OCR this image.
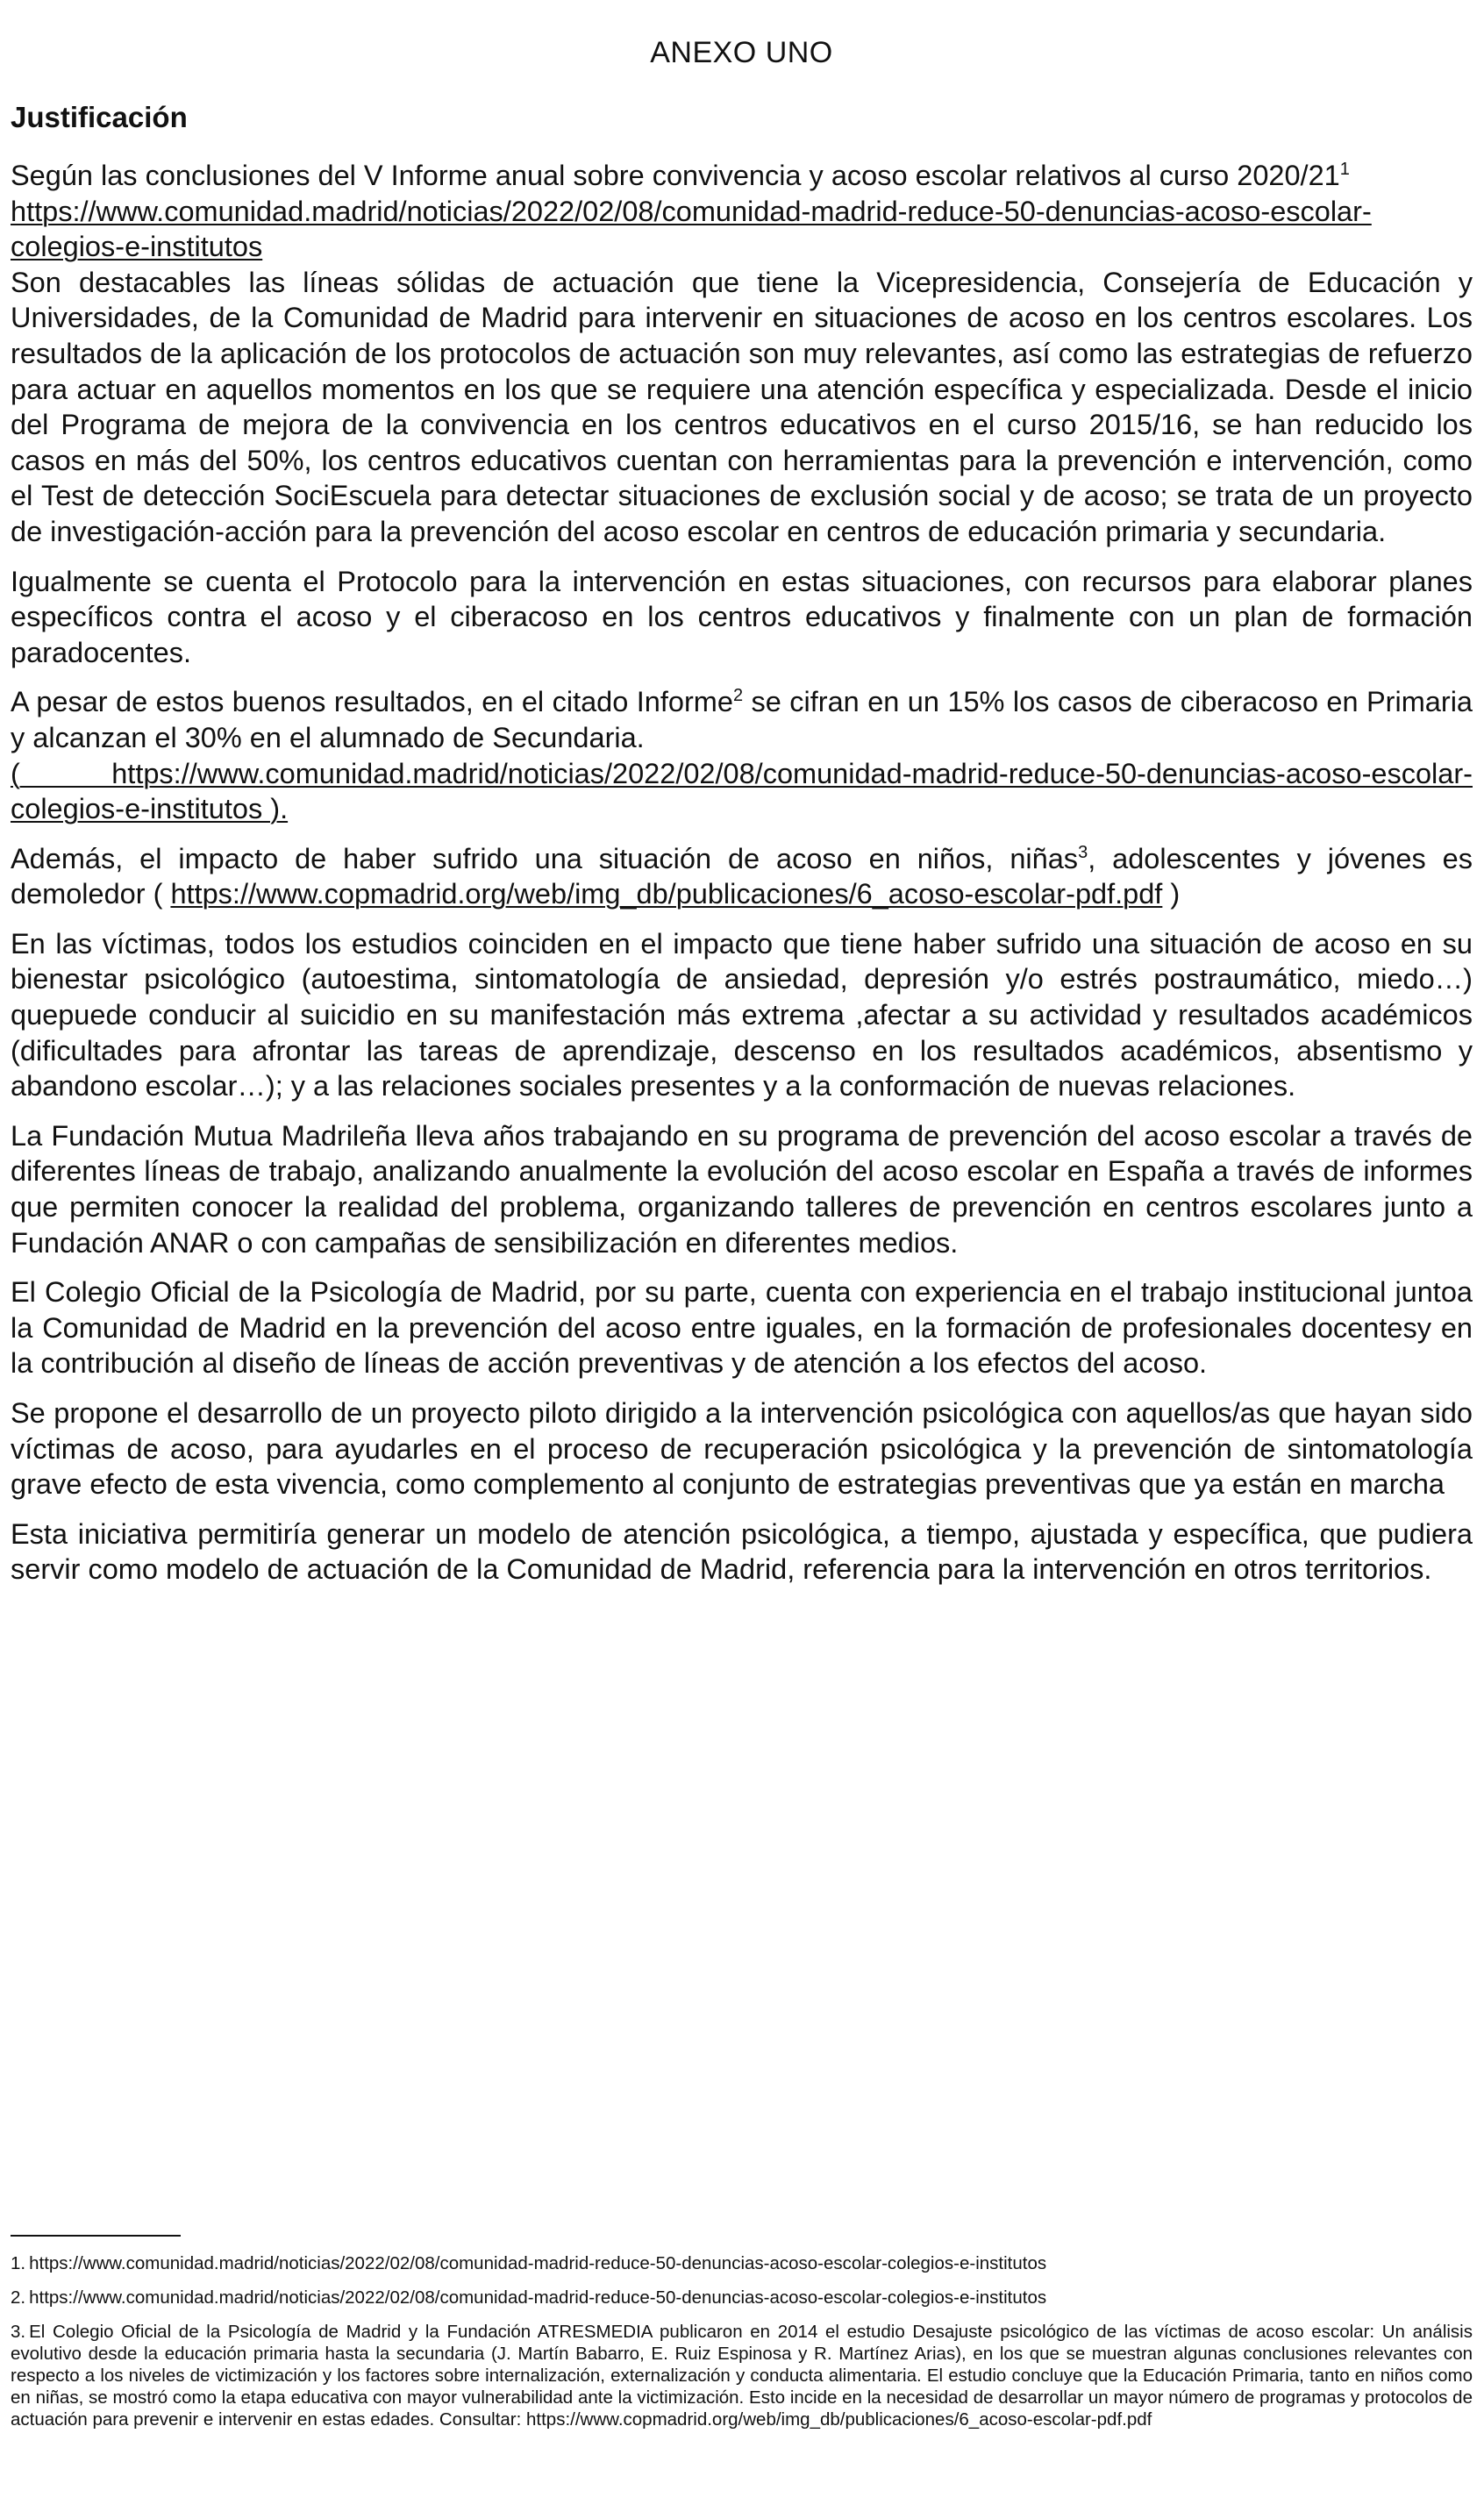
ANEXO UNO
Justificación

Según las conclusiones del V Informe anual sobre convivencia y acoso escolar relativos al curso $2020/21^1$
https://www.comunidad.madrid/noticias/2022/02/08/comunidad-madrid-reduce-50-denuncias-acoso-escolar-colegios-e-institutos

Son destacables las líneas sólidas de actuación que tiene la Vicepresidencia, Consejería de Educación y Universidades, de la Comunidad de Madrid para intervenir en situaciones de acoso en los centros escolares. Los resultados de la aplicación de los protocolos de actuación son muy relevantes, así como las estrategias de refuerzo para actuar en aquellos momentos en los que se requiere una atención específica y especializada. Desde el inicio del Programa de mejora de la convivencia en los centros educativos en el curso 2015/16, se han reducido los casos en más del 50%, los centros educativos cuentan con herramientas para la prevención e intervención, como el Test de detección SociEscuela para detectar situaciones de exclusión social y de acoso; se trata de un proyecto de investigación-acción para la prevención del acoso escolar en centros de educación primaria y secundaria.

Igualmente se cuenta el Protocolo para la intervención en estas situaciones, con recursos para elaborar planes específicos contra el acoso y el ciberacoso en los centros educativos y finalmente con un plan de formación paradocentes.

A pesar de estos buenos resultados, en el citado Informe$^2$ se cifran en un 15% los casos de ciberacoso en Primaria y alcanzan el 30% en el alumnado de Secundaria.
( https://www.comunidad.madrid/noticias/2022/02/08/comunidad-madrid-reduce-50-denuncias-acoso-escolar-colegios-e-institutos ).

Además, el impacto de haber sufrido una situación de acoso en niños, niñas$^3$, adolescentes y jóvenes es demoledor ( https://www.copmadrid.org/web/img_db/publicaciones/6_acoso-escolar-pdf.pdf )

En las víctimas, todos los estudios coinciden en el impacto que tiene haber sufrido una situación de acoso en su bienestar psicológico (autoestima, sintomatología de ansiedad, depresión y/o estrés postraumático, miedo…) quepuede conducir al suicidio en su manifestación más extrema ,afectar a su actividad y resultados académicos (dificultades para afrontar las tareas de aprendizaje, descenso en los resultados académicos, absentismo y abandono escolar…); y a las relaciones sociales presentes y a la conformación de nuevas relaciones.

La Fundación Mutua Madrileña lleva años trabajando en su programa de prevención del acoso escolar a través de diferentes líneas de trabajo, analizando anualmente la evolución del acoso escolar en España a través de informes que permiten conocer la realidad del problema, organizando talleres de prevención en centros escolares junto a Fundación ANAR o con campañas de sensibilización en diferentes medios.

El Colegio Oficial de la Psicología de Madrid, por su parte, cuenta con experiencia en el trabajo institucional juntoa la Comunidad de Madrid en la prevención del acoso entre iguales, en la formación de profesionales docentesy en la contribución al diseño de líneas de acción preventivas y de atención a los efectos del acoso.

Se propone el desarrollo de un proyecto piloto dirigido a la intervención psicológica con aquellos/as que hayan sido víctimas de acoso, para ayudarles en el proceso de recuperación psicológica y la prevención de sintomatología grave efecto de esta vivencia, como complemento al conjunto de estrategias preventivas que ya están en marcha

Esta iniciativa permitiría generar un modelo de atención psicológica, a tiempo, ajustada y específica, que pudiera servir como modelo de actuación de la Comunidad de Madrid, referencia para la intervención en otros territorios.

1. https://www.comunidad.madrid/noticias/2022/02/08/comunidad-madrid-reduce-50-denuncias-acoso-escolar-colegios-e-institutos
2. https://www.comunidad.madrid/noticias/2022/02/08/comunidad-madrid-reduce-50-denuncias-acoso-escolar-colegios-e-institutos
3. El Colegio Oficial de la Psicología de Madrid y la Fundación ATRESMEDIA publicaron en 2014 el estudio Desajuste psicológico de las víctimas de acoso escolar: Un análisis evolutivo desde la educación primaria hasta la secundaria (J. Martín Babarro, E. Ruiz Espinosa y R. Martínez Arias), en los que se muestran algunas conclusiones relevantes con respecto a los niveles de victimización y los factores sobre internalización, externalización y conducta alimentaria. El estudio concluye que la Educación Primaria, tanto en niños como en niñas, se mostró como la etapa educativa con mayor vulnerabilidad ante la victimización. Esto incide en la necesidad de desarrollar un mayor número de programas y protocolos de actuación para prevenir e intervenir en estas edades. Consultar: https://www.copmadrid.org/web/img_db/publicaciones/6_acoso-escolar-pdf.pdf
